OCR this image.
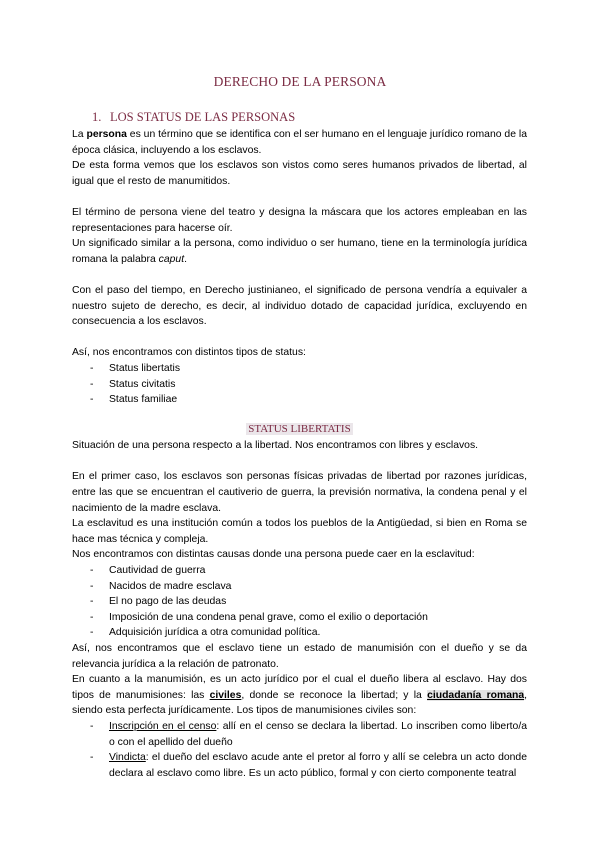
DERECHO DE LA PERSONA
1. LOS STATUS DE LAS PERSONAS

La persona es un término que se identifica con el ser humano en el lenguaje jurídico romano de la época clásica, incluyendo a los esclavos.

De esta forma vemos que los esclavos son vistos como seres humanos privados de libertad, al igual que el resto de manumitidos.

El término de persona viene del teatro y designa la máscara que los actores empleaban en las representaciones para hacerse oír.

Un significado similar a la persona, como individuo o ser humano, tiene en la terminología jurídica romana la palabra caput.

Con el paso del tiempo, en Derecho justinianeo, el significado de persona vendría a equivaler a nuestro sujeto de derecho, es decir, al individuo dotado de capacidad jurídica, excluyendo en consecuencia a los esclavos.

Así, nos encontramos con distintos tipos de status:

- Status libertatis
- Status civitatis
- Status familiae
STATUS LIBERTATIS

Situación de una persona respecto a la libertad. Nos encontramos con libres y esclavos.

En el primer caso, los esclavos son personas físicas privadas de libertad por razones jurídicas, entre las que se encuentran el cautiverio de guerra, la previsión normativa, la condena penal y el nacimiento de la madre esclava.

La esclavitud es una institución común a todos los pueblos de la Antigüedad, si bien en Roma se hace mas técnica y compleja.

Nos encontramos con distintas causas donde una persona puede caer en la esclavitud:

- Cautividad de guerra
- Nacidos de madre esclava
- El no pago de las deudas
- Imposición de una condena penal grave, como el exilio o deportación
- Adquisición jurídica a otra comunidad política.

Así, nos encontramos que el esclavo tiene un estado de manumisión con el dueño y se da relevancia jurídica a la relación de patronato.

En cuanto a la manumisión, es un acto jurídico por el cual el dueño libera al esclavo. Hay dos tipos de manumisiones: las civiles, donde se reconoce la libertad; y la ciudadanía romana, siendo esta perfecta jurídicamente. Los tipos de manumisiones civiles son:

- Inscripción en el censo: allí en el censo se declara la libertad. Lo inscriben como liberto/a o con el apellido del dueño

- Vindicta: el dueño del esclavo acude ante el pretor al forro y allí se celebra un acto donde declara al esclavo como libre. Es un acto público, formal y con cierto componente teatral
